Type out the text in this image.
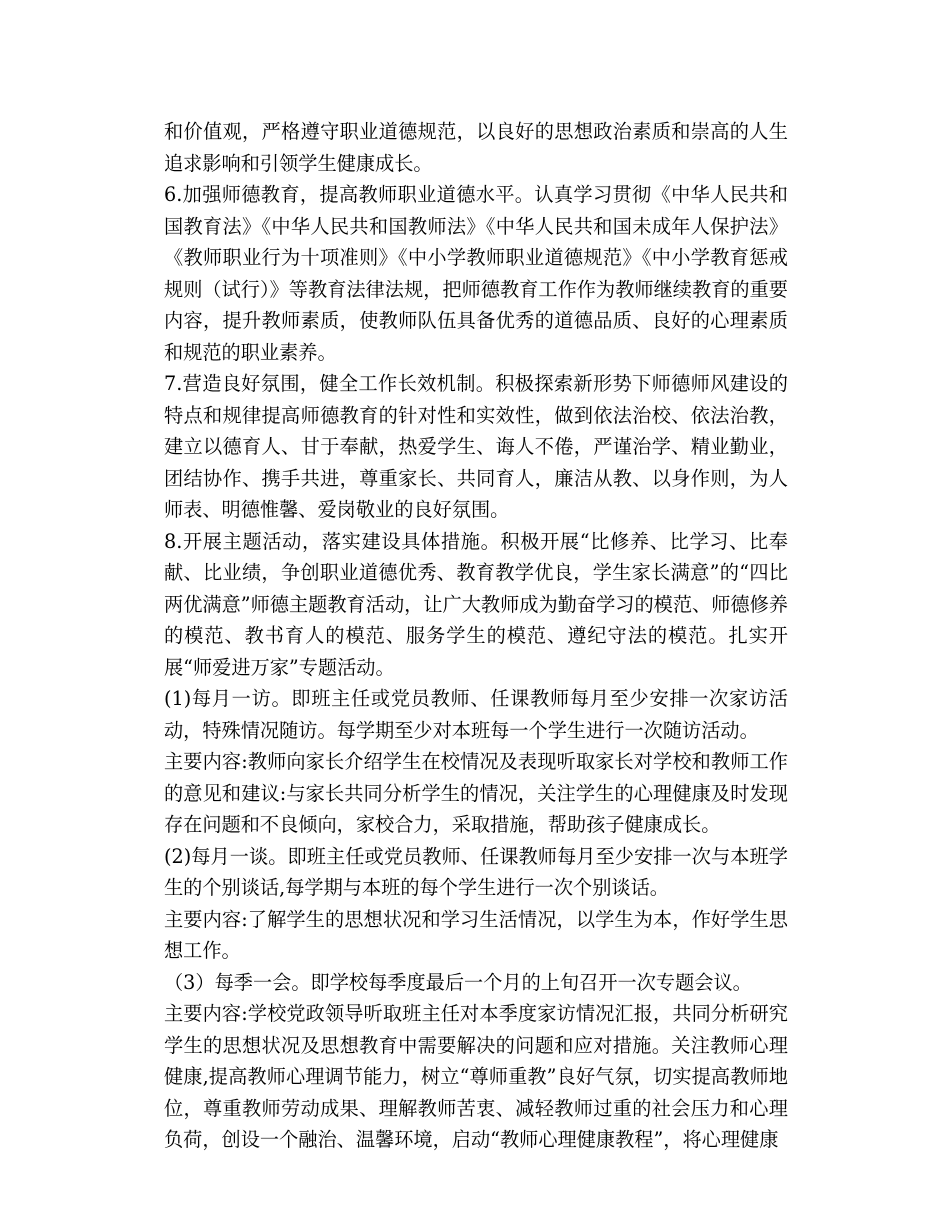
和价值观，严格遵守职业道德规范，以良好的思想政治素质和崇高的人生追求影响和引领学生健康成长。

6.加强师德教育，提高教师职业道德水平。认真学习贯彻《中华人民共和国教育法》《中华人民共和国教师法》《中华人民共和国未成年人保护法》《教师职业行为十项准则》《中小学教师职业道德规范》《中小学教育惩戒规则（试行）》等教育法律法规，把师德教育工作作为教师继续教育的重要内容，提升教师素质，使教师队伍具备优秀的道德品质、良好的心理素质和规范的职业素养。

7.营造良好氛围，健全工作长效机制。积极探索新形势下师德师风建设的特点和规律提高师德教育的针对性和实效性，做到依法治校、依法治教，建立以德育人、甘于奉献，热爱学生、诲人不倦，严谨治学、精业勤业，团结协作、携手共进，尊重家长、共同育人，廉洁从教、以身作则，为人师表、明德惟馨、爱岗敬业的良好氛围。

8.开展主题活动，落实建设具体措施。积极开展“比修养、比学习、比奉献、比业绩，争创职业道德优秀、教育教学优良，学生家长满意”的“四比两优满意”师德主题教育活动，让广大教师成为勤奋学习的模范、师德修养的模范、教书育人的模范、服务学生的模范、遵纪守法的模范。扎实开展“师爱进万家”专题活动。

(1)每月一访。即班主任或党员教师、任课教师每月至少安排一次家访活动，特殊情况随访。每学期至少对本班每一个学生进行一次随访活动。

主要内容:教师向家长介绍学生在校情况及表现听取家长对学校和教师工作的意见和建议:与家长共同分析学生的情况，关注学生的心理健康及时发现存在问题和不良倾向，家校合力，采取措施，帮助孩子健康成长。

(2)每月一谈。即班主任或党员教师、任课教师每月至少安排一次与本班学生的个别谈话,每学期与本班的每个学生进行一次个别谈话。

主要内容:了解学生的思想状况和学习生活情况，以学生为本，作好学生思想工作。

（3）每季一会。即学校每季度最后一个月的上旬召开一次专题会议。

主要内容:学校党政领导听取班主任对本季度家访情况汇报，共同分析研究学生的思想状况及思想教育中需要解决的问题和应对措施。关注教师心理健康,提高教师心理调节能力，树立“尊师重教”良好气氛，切实提高教师地位，尊重教师劳动成果、理解教师苦衷、减轻教师过重的社会压力和心理负荷，创设一个融治、温馨环境，启动“教师心理健康教程”，将心理健康
